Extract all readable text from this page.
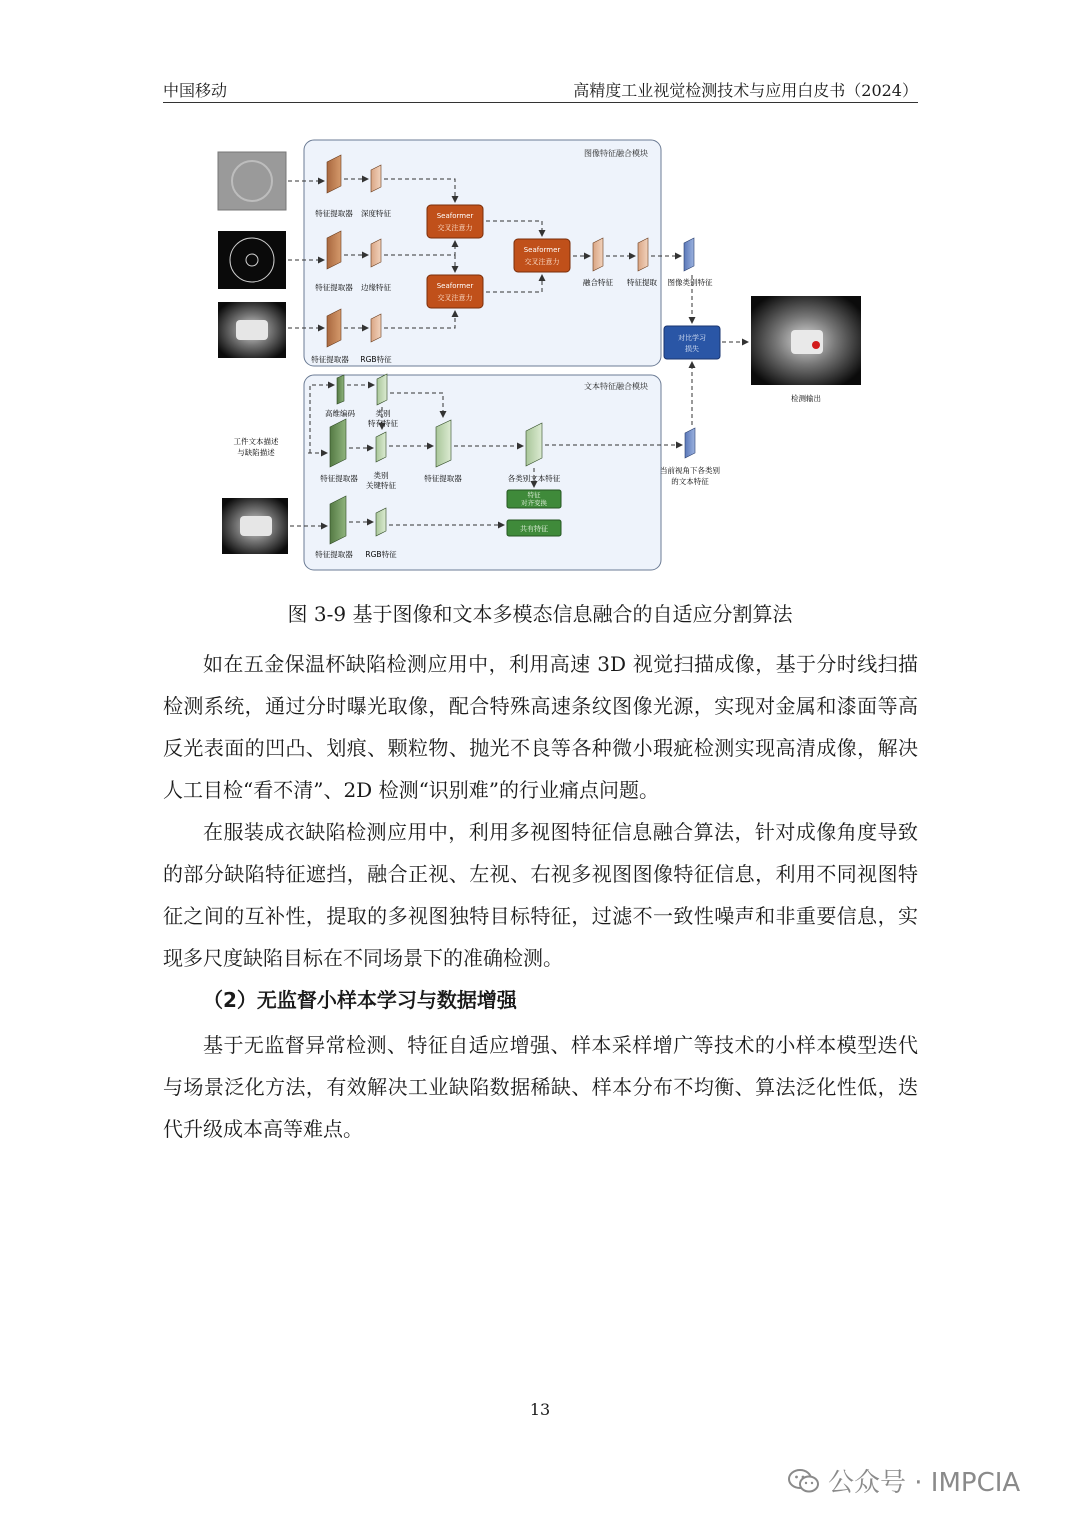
中国移动	高精度工业视觉检测技术与应用白皮书（2024）
图像特征融合模块
文本特征融合模块
特征提取器 深度特征
特征提取器 边缘特征
特征提取器 RGB特征
Seaformer
交叉注意力
Seaformer
交叉注意力
Seaformer
交叉注意力
融合特征 特征提取 图像类别特征
对比学习
损失
检测输出
高维编码	类别
特有特征
工件文本描述
与缺陷描述
特征提取器 类别
关键特征
特征提取器	各类别文本特征
当前视角下各类别
的文本特征
特征
对齐变换
共有特征
特征提取器 RGB特征
图 3-9 基于图像和文本多模态信息融合的自适应分割算法

如在五金保温杯缺陷检测应用中，利用高速 3D 视觉扫描成像，基于分时线扫描检测系统，通过分时曝光取像，配合特殊高速条纹图像光源，实现对金属和漆面等高反光表面的凹凸、划痕、颗粒物、抛光不良等各种微小瑕疵检测实现高清成像，解决人工目检“看不清”、2D 检测“识别难”的行业痛点问题。

在服装成衣缺陷检测应用中，利用多视图特征信息融合算法，针对成像角度导致的部分缺陷特征遮挡，融合正视、左视、右视多视图图像特征信息，利用不同视图特征之间的互补性，提取的多视图独特目标特征，过滤不一致性噪声和非重要信息，实现多尺度缺陷目标在不同场景下的准确检测。

（2）无监督小样本学习与数据增强

基于无监督异常检测、特征自适应增强、样本采样增广等技术的小样本模型迭代与场景泛化方法，有效解决工业缺陷数据稀缺、样本分布不均衡、算法泛化性低，迭代升级成本高等难点。

13
公众号 · IMPCIA
